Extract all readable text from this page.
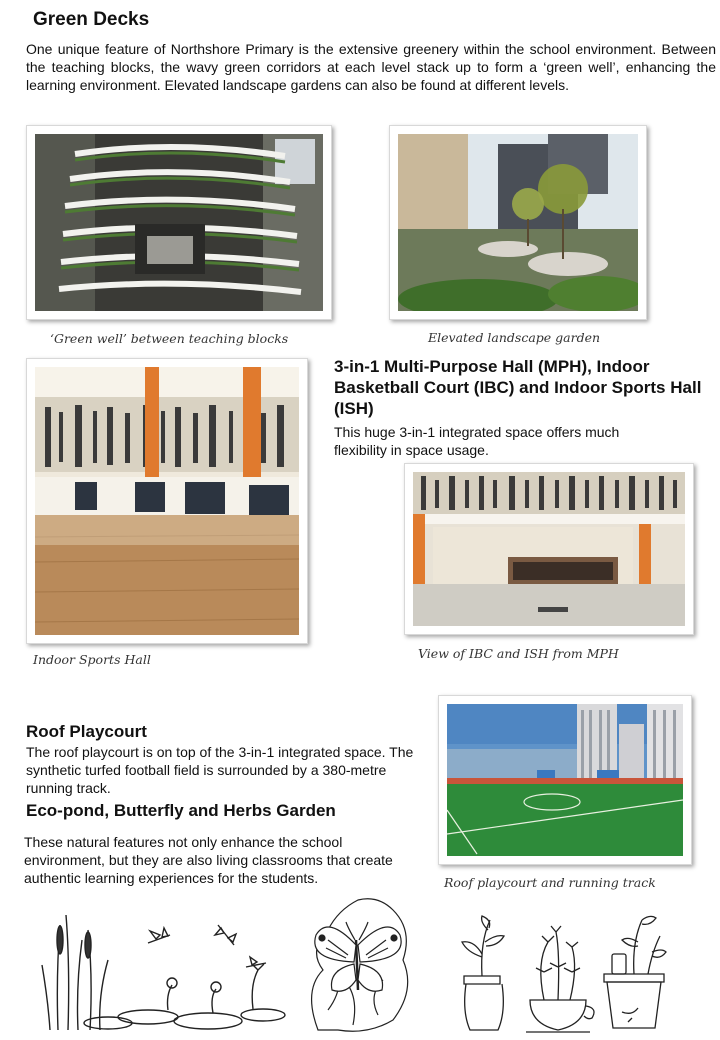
Green Decks
One unique feature of Northshore Primary is the extensive greenery within the school environment. Between the teaching blocks, the wavy green corridors at each level stack up to form a ‘green well’, enhancing the learning environment. Elevated landscape gardens can also be found at different levels.
‘Green well’ between teaching blocks	Elevated landscape garden
Indoor Sports Hall
3-in-1 Multi-Purpose Hall (MPH), Indoor Basketball Court (IBC) and Indoor Sports Hall (ISH)
This huge 3-in-1 integrated space offers much flexibility in space usage.
View of IBC and ISH from MPH
Roof Playcourt
The roof playcourt is on top of the 3-in-1 integrated space. The synthetic turfed football field is surrounded by a 380-metre running track.
Roof playcourt and running track
Eco-pond, Butterfly and Herbs Garden
These natural features not only enhance the school environment, but they are also living classrooms that create authentic learning experiences for the students.
